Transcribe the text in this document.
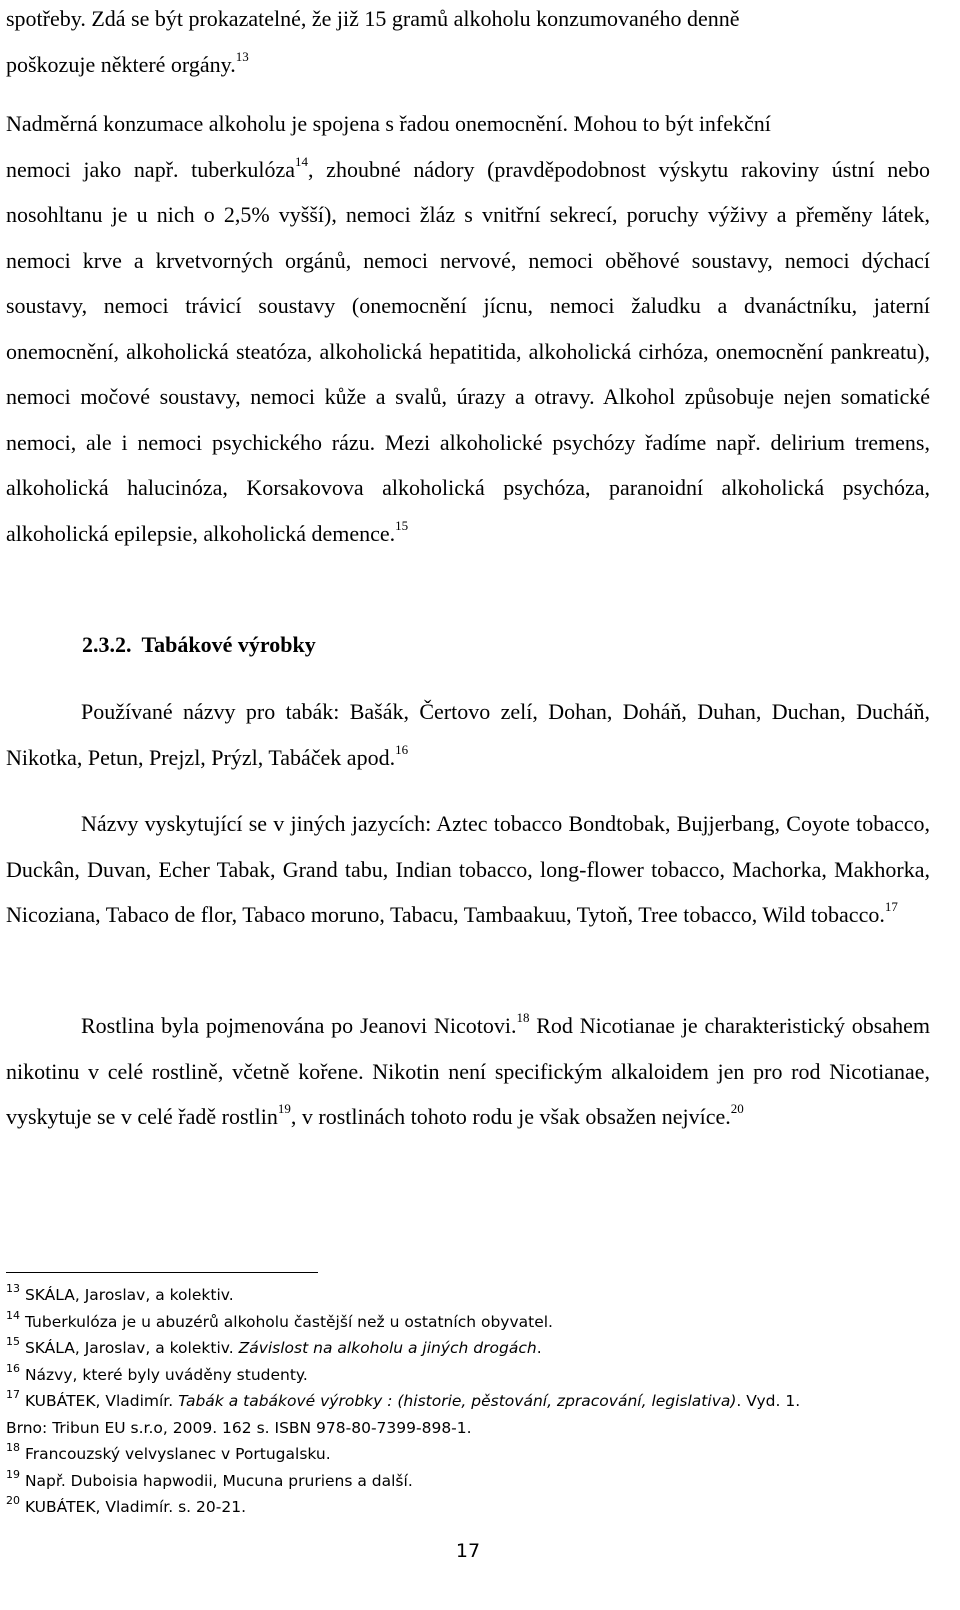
spotřeby. Zdá se být prokazatelné, že již 15 gramů alkoholu konzumovaného denně
poškozuje některé orgány.$^{13}$
Nadměrná konzumace alkoholu je spojena s řadou onemocnění. Mohou to být infekční
nemoci jako např. tuberkulóza$^{14}$, zhoubné nádory (pravděpodobnost výskytu rakoviny ústní nebo nosohltanu je u nich o 2,5% vyšší), nemoci žláz s vnitřní sekrecí, poruchy výživy a přeměny látek, nemoci krve a krvetvorných orgánů, nemoci nervové, nemoci oběhové soustavy, nemoci dýchací soustavy, nemoci trávicí soustavy (onemocnění jícnu, nemoci žaludku a dvanáctníku, jaterní onemocnění, alkoholická steatóza, alkoholická hepatitida, alkoholická cirhóza, onemocnění pankreatu), nemoci močové soustavy, nemoci kůže a svalů, úrazy a otravy. Alkohol způsobuje nejen somatické nemoci, ale i nemoci psychického rázu. Mezi alkoholické psychózy řadíme např. delirium tremens, alkoholická halucinóza, Korsakovova alkoholická psychóza, paranoidní alkoholická psychóza, alkoholická epilepsie, alkoholická demence.$^{15}$
2.3.2. Tabákové výrobky

Používané názvy pro tabák: Bašák, Čertovo zelí, Dohan, Doháň, Duhan, Duchan, Ducháň, Nikotka, Petun, Prejzl, Prýzl, Tabáček apod.$^{16}$

Názvy vyskytující se v jiných jazycích: Aztec tobacco Bondtobak, Bujjerbang, Coyote tobacco, Duckân, Duvan, Echer Tabak, Grand tabu, Indian tobacco, long-flower tobacco, Machorka, Makhorka, Nicoziana, Tabaco de flor, Tabaco moruno, Tabacu, Tambaakuu, Tytoň, Tree tobacco, Wild tobacco.$^{17}$

Rostlina byla pojmenována po Jeanovi Nicotovi.$^{18}$ Rod Nicotianae je charakteristický obsahem nikotinu v celé rostlině, včetně kořene. Nikotin není specifickým alkaloidem jen pro rod Nicotianae, vyskytuje se v celé řadě rostlin$^{19}$, v rostlinách tohoto rodu je však obsažen nejvíce.$^{20}$

$^{13}$ SKÁLA, Jaroslav, a kolektiv.

$^{14}$ Tuberkulóza je u abuzérů alkoholu častější než u ostatních obyvatel.

$^{15}$ SKÁLA, Jaroslav, a kolektiv. Závislost na alkoholu a jiných drogách.

$^{16}$ Názvy, které byly uváděny studenty.

$^{17}$ KUBÁTEK, Vladimír. Tabák a tabákové výrobky : (historie, pěstování, zpracování, legislativa). Vyd. 1.
Brno: Tribun EU s.r.o, 2009. 162 s. ISBN 978-80-7399-898-1.

$^{18}$ Francouzský velvyslanec v Portugalsku.

$^{19}$ Např. Duboisia hapwodii, Mucuna pruriens a další.

$^{20}$ KUBÁTEK, Vladimír. s. 20-21.

17
